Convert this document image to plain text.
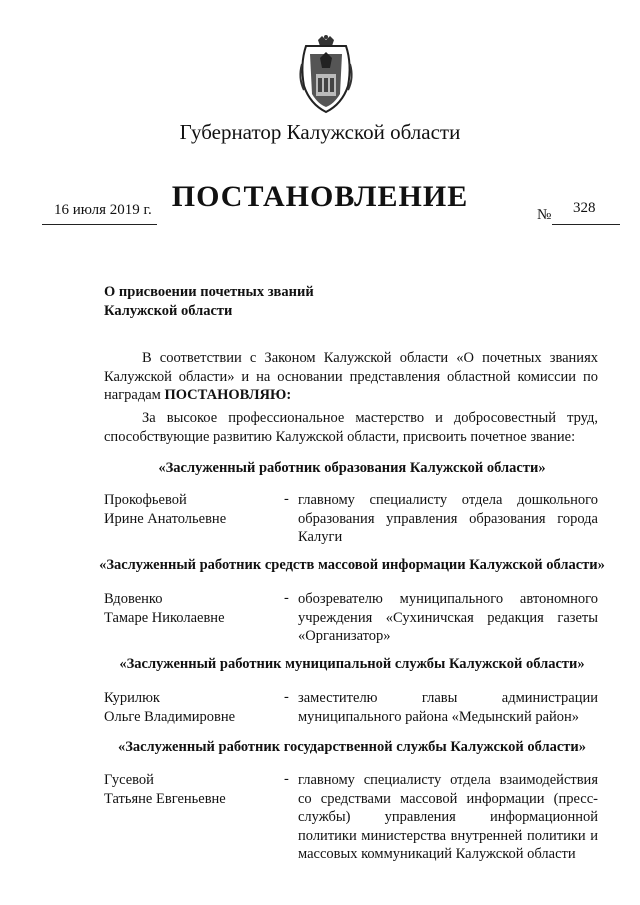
Губернатор Калужской области
ПОСТАНОВЛЕНИЕ
16 июля 2019 г.	№ 328
О присвоении почетных званий
Калужской области
В соответствии с Законом Калужской области «О почетных званиях Калужской области» и на основании представления областной комиссии по наградам ПОСТАНОВЛЯЮ:
За высокое профессиональное мастерство и добросовестный труд, способствующие развитию Калужской области, присвоить почетное звание:
«Заслуженный работник образования Калужской области»
Прокофьевой
Ирине Анатольевне
- главному специалисту отдела дошкольного образования управления образования города Калуги
«Заслуженный работник средств массовой информации Калужской области»
Вдовенко
Тамаре Николаевне
- обозревателю муниципального автономного учреждения «Сухиничская редакция газеты «Организатор»
«Заслуженный работник муниципальной службы Калужской области»
Курилюк
Ольге Владимировне
- заместителю главы администрации муниципального района «Медынский район»
«Заслуженный работник государственной службы Калужской области»
Гусевой
Татьяне Евгеньевне
- главному специалисту отдела взаимодействия со средствами массовой информации (пресс- службы) управления информационной политики министерства внутренней политики и массовых коммуникаций Калужской области
